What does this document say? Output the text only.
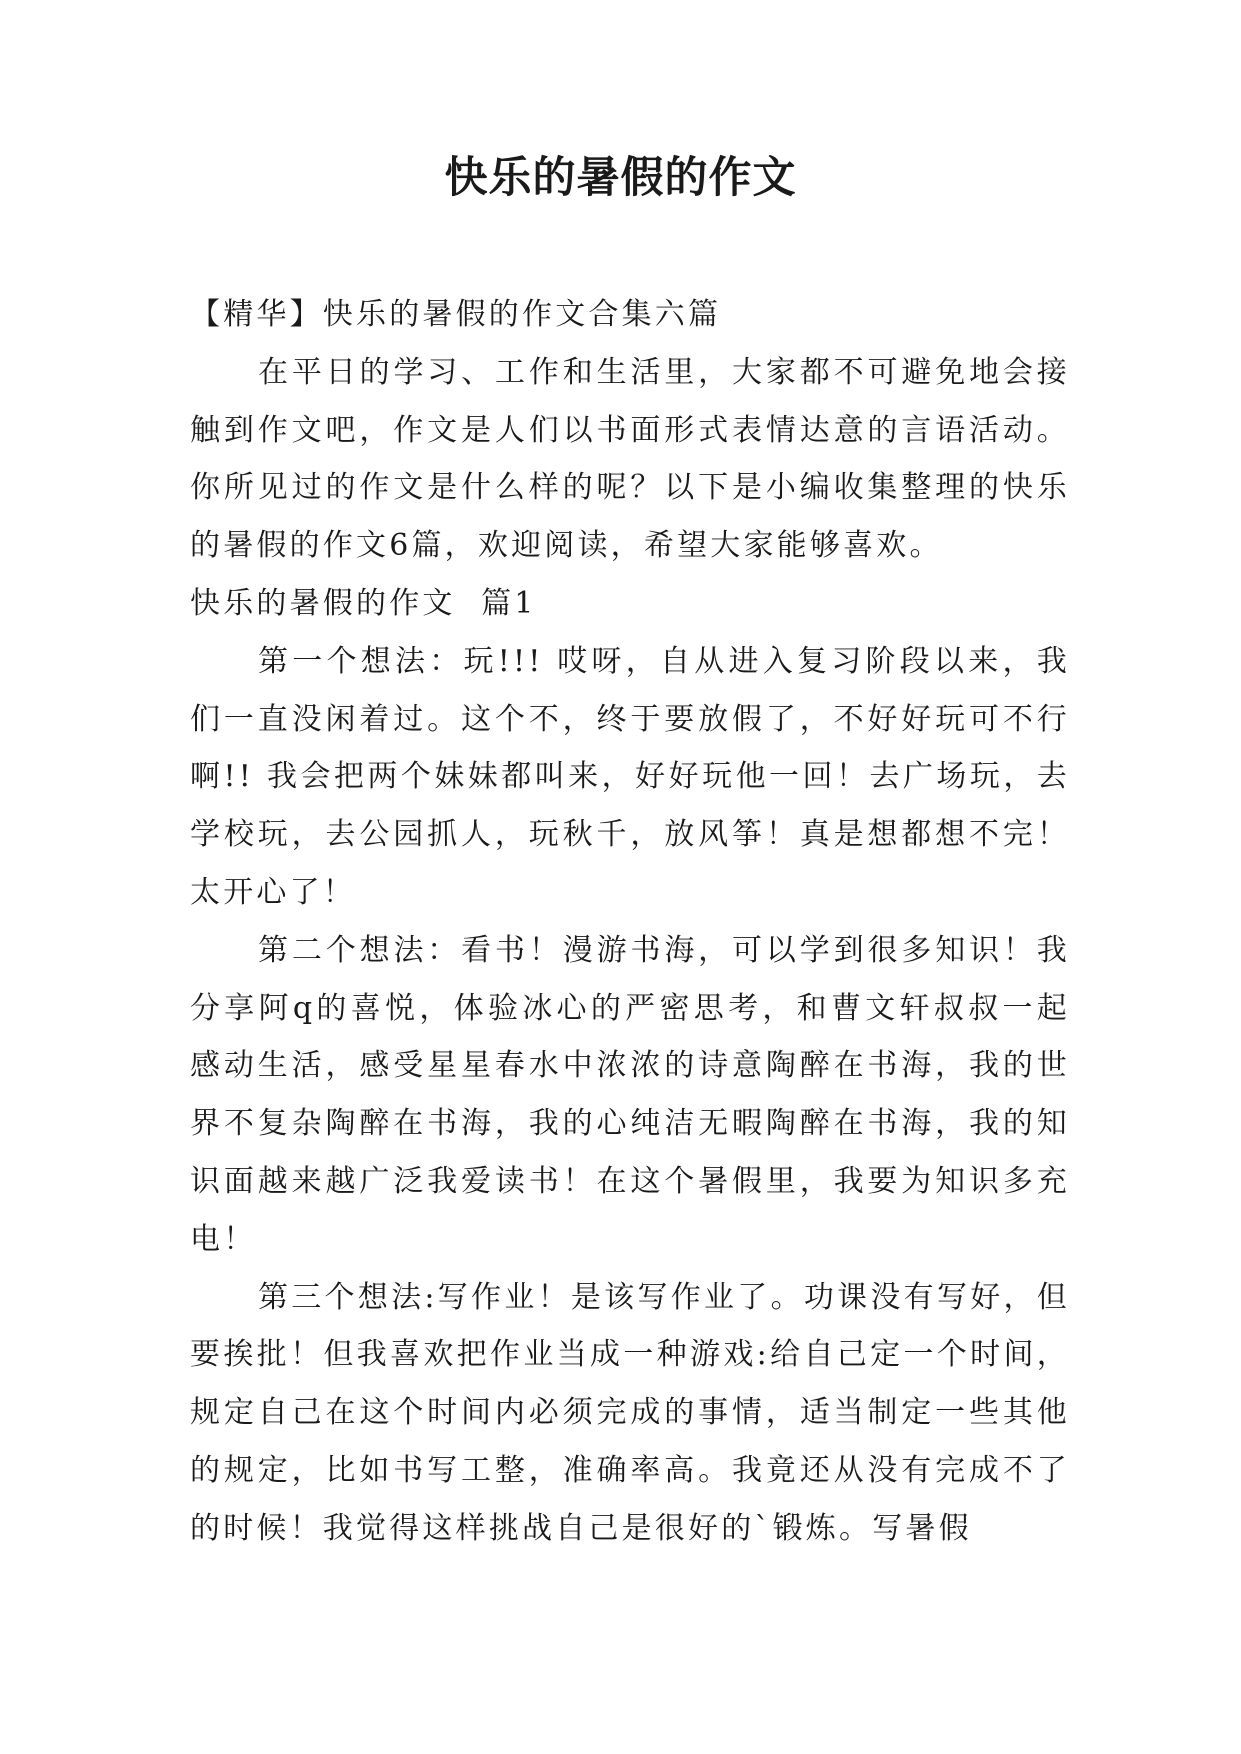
快乐的暑假的作文

【精华】快乐的暑假的作文合集六篇

在平日的学习、工作和生活里，大家都不可避免地会接触到作文吧，作文是人们以书面形式表情达意的言语活动。你所见过的作文是什么样的呢？以下是小编收集整理的快乐的暑假的作文6篇，欢迎阅读，希望大家能够喜欢。

快乐的暑假的作文  篇1

第一个想法：玩!!! 哎呀，自从进入复习阶段以来，我们一直没闲着过。这个不，终于要放假了，不好好玩可不行啊!! 我会把两个妹妹都叫来，好好玩他一回！去广场玩，去学校玩，去公园抓人，玩秋千，放风筝！真是想都想不完！太开心了！

第二个想法：看书！漫游书海，可以学到很多知识！我分享阿q的喜悦，体验冰心的严密思考，和曹文轩叔叔一起感动生活，感受星星春水中浓浓的诗意陶醉在书海，我的世界不复杂陶醉在书海，我的心纯洁无暇陶醉在书海，我的知识面越来越广泛我爱读书！在这个暑假里，我要为知识多充电！

第三个想法:写作业！是该写作业了。功课没有写好，但要挨批！但我喜欢把作业当成一种游戏:给自己定一个时间，规定自己在这个时间内必须完成的事情，适当制定一些其他的规定，比如书写工整，准确率高。我竟还从没有完成不了的时候！我觉得这样挑战自己是很好的`锻炼。写暑假
